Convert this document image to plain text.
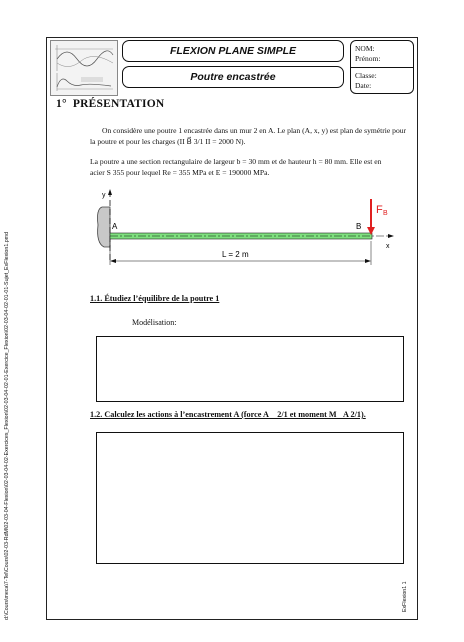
FLEXION PLANE SIMPLE
Poutre encastrée
NOM:
Prénom:
Classe:
Date:
1° PRÉSENTATION
On considère une poutre 1 encastrée dans un mur 2 en A. Le plan (A, x, y) est plan de symétrie pour
la poutre et pour les charges (II B⃗ 3/1 II = 2000 N).
La poutre a une section rectangulaire de largeur b = 30 mm et de hauteur h = 80 mm. Elle est en
acier S 355 pour lequel Re = 355 MPa et E = 190000 MPa.
y
x
A	B
F B
L = 2 m
1.1. Étudiez l’équilibre de la poutre 1
Modélisation:
1.2. Calculez les actions à l’encastrement A (force A⃗ 2/1 et moment M⃗A 2/1).
d:\Cours\meca\7-Tel\Cours\02-03-RdM\02-03-04-Flexion\02-03-04-02-Exercices_Flexion\02-03-04-02-01-Exercice_Flexion\02-03-04-02-01-01-Sujet_ExFlexion1.pmd	ExFlexion1 1
